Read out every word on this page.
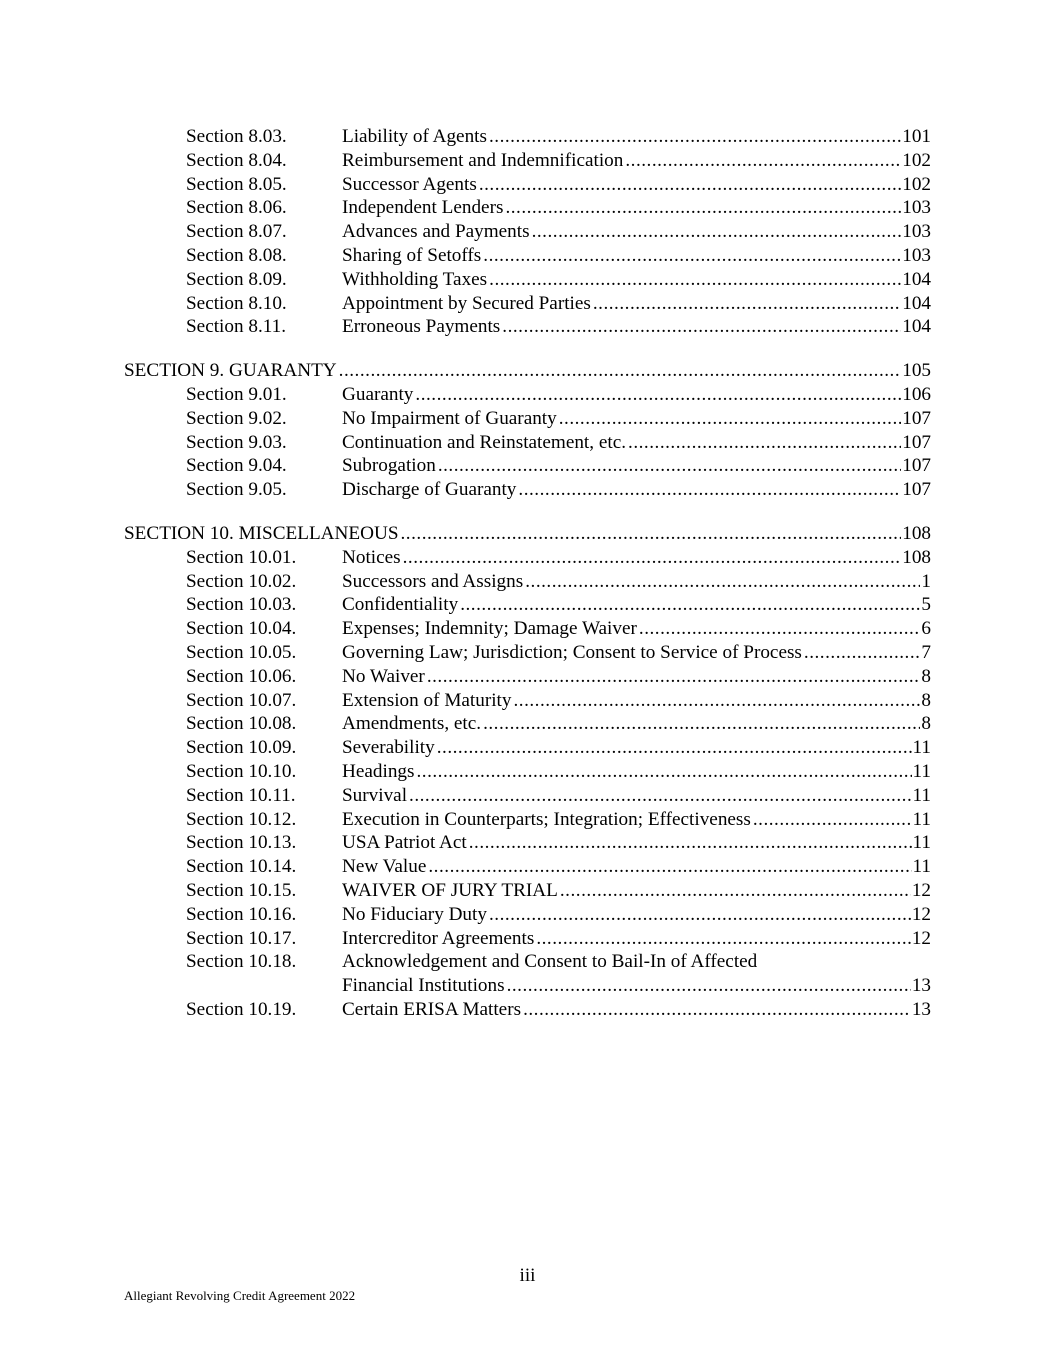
Section 8.03.	Liability of Agents .....	101
Section 8.04.	Reimbursement and Indemnification .....	102
Section 8.05.	Successor Agents .....	102
Section 8.06.	Independent Lenders .....	103
Section 8.07.	Advances and Payments .....	103
Section 8.08.	Sharing of Setoffs .....	103
Section 8.09.	Withholding Taxes .....	104
Section 8.10.	Appointment by Secured Parties .....	104
Section 8.11.	Erroneous Payments .....	104
SECTION 9. GUARANTY .....	105
Section 9.01.	Guaranty .....	106
Section 9.02.	No Impairment of Guaranty .....	107
Section 9.03.	Continuation and Reinstatement, etc. .....	107
Section 9.04.	Subrogation .....	107
Section 9.05.	Discharge of Guaranty .....	107
SECTION 10. MISCELLANEOUS .....	108
Section 10.01. Notices .....	108
Section 10.02. Successors and Assigns .....	1
Section 10.03. Confidentiality .....	5
Section 10.04. Expenses; Indemnity; Damage Waiver .....	6
Section 10.05. Governing Law; Jurisdiction; Consent to Service of Process .....	7
Section 10.06. No Waiver .....	8
Section 10.07. Extension of Maturity .....	8
Section 10.08. Amendments, etc. .....	8
Section 10.09. Severability .....	11
Section 10.10. Headings .....	11
Section 10.11. Survival .....	11
Section 10.12. Execution in Counterparts; Integration; Effectiveness .....	11
Section 10.13. USA Patriot Act .....	11
Section 10.14. New Value .....	11
Section 10.15. WAIVER OF JURY TRIAL .....	12
Section 10.16. No Fiduciary Duty .....	12
Section 10.17. Intercreditor Agreements .....	12
Section 10.18. Acknowledgement and Consent to Bail-In of Affected
Financial Institutions .....	13
Section 10.19. Certain ERISA Matters .....	13
iii
Allegiant Revolving Credit Agreement 2022
